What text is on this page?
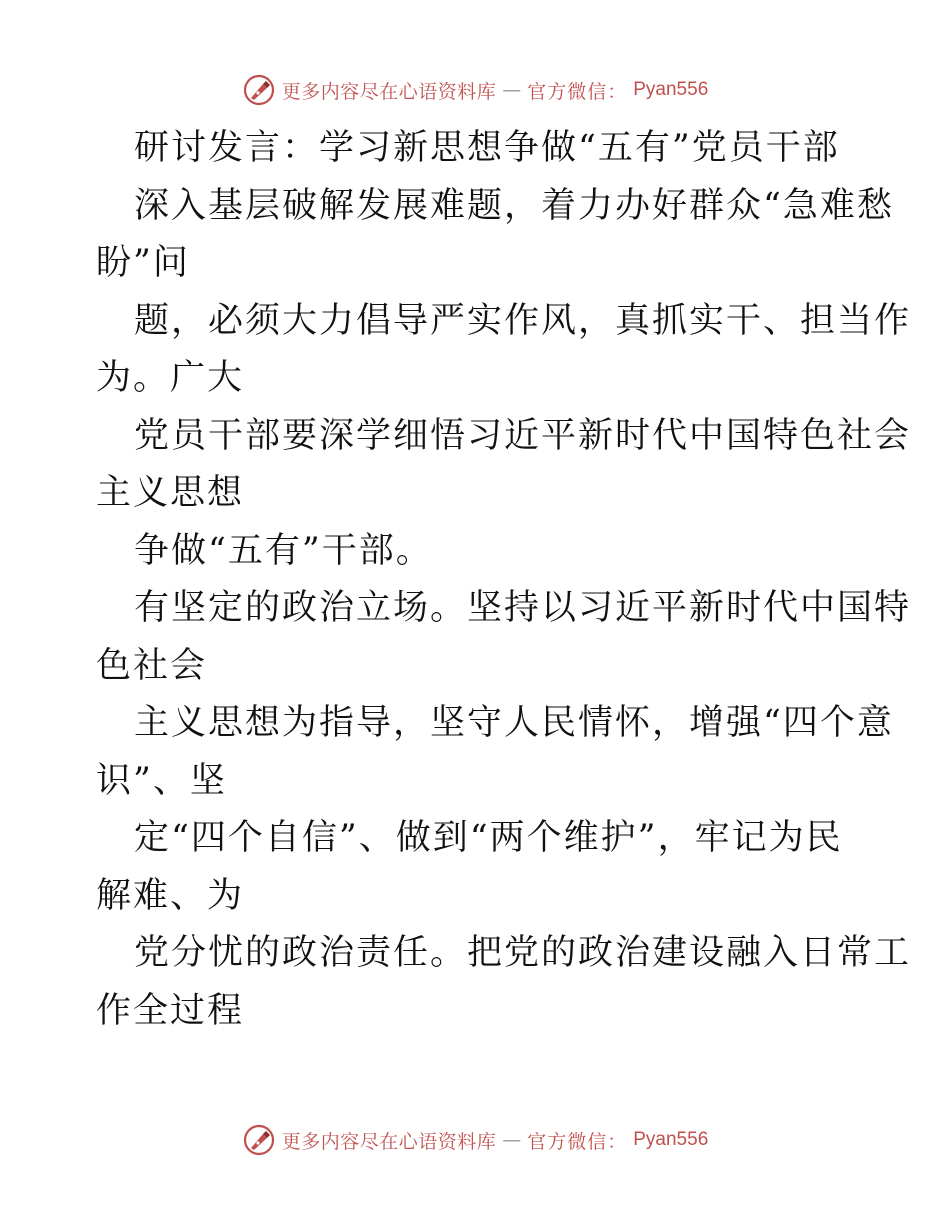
更多内容尽在心语资料库 — 官方微信： Pyan556
研讨发言：学习新思想争做“五有”党员干部
深入基层破解发展难题，着力办好群众“急难愁
盼”问
题，必须大力倡导严实作风，真抓实干、担当作
为。广大
党员干部要深学细悟习近平新时代中国特色社会
主义思想
争做“五有”干部。
有坚定的政治立场。坚持以习近平新时代中国特
色社会
主义思想为指导，坚守人民情怀，增强“四个意
识”、坚
定“四个自信”、做到“两个维护”，牢记为民
解难、为
党分忧的政治责任。把党的政治建设融入日常工
作全过程
更多内容尽在心语资料库 — 官方微信： Pyan556
